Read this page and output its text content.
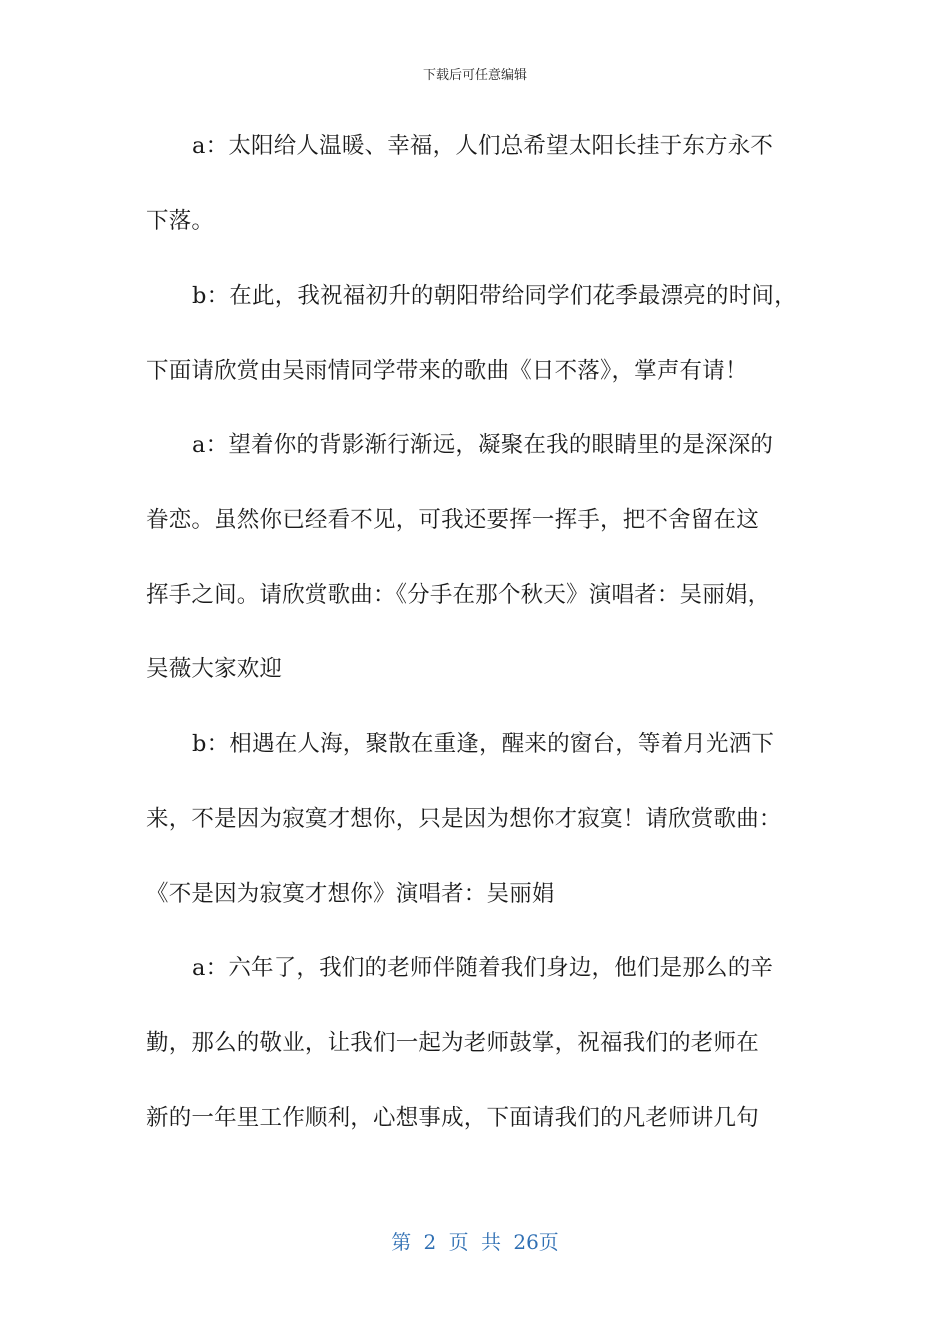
下载后可任意编辑
a：太阳给人温暖、幸福，人们总希望太阳长挂于东方永不
下落。
b：在此，我祝福初升的朝阳带给同学们花季最漂亮的时间，
下面请欣赏由吴雨情同学带来的歌曲《日不落》，掌声有请！
a：望着你的背影渐行渐远，凝聚在我的眼睛里的是深深的
眷恋。虽然你已经看不见，可我还要挥一挥手，把不舍留在这
挥手之间。请欣赏歌曲：《分手在那个秋天》演唱者：吴丽娟，
吴薇大家欢迎
b：相遇在人海，聚散在重逢，醒来的窗台，等着月光洒下
来，不是因为寂寞才想你，只是因为想你才寂寞！请欣赏歌曲：
《不是因为寂寞才想你》演唱者：吴丽娟
a：六年了，我们的老师伴随着我们身边，他们是那么的辛
勤，那么的敬业，让我们一起为老师鼓掌，祝福我们的老师在
新的一年里工作顺利，心想事成，下面请我们的凡老师讲几句
第 2 页 共 26页
